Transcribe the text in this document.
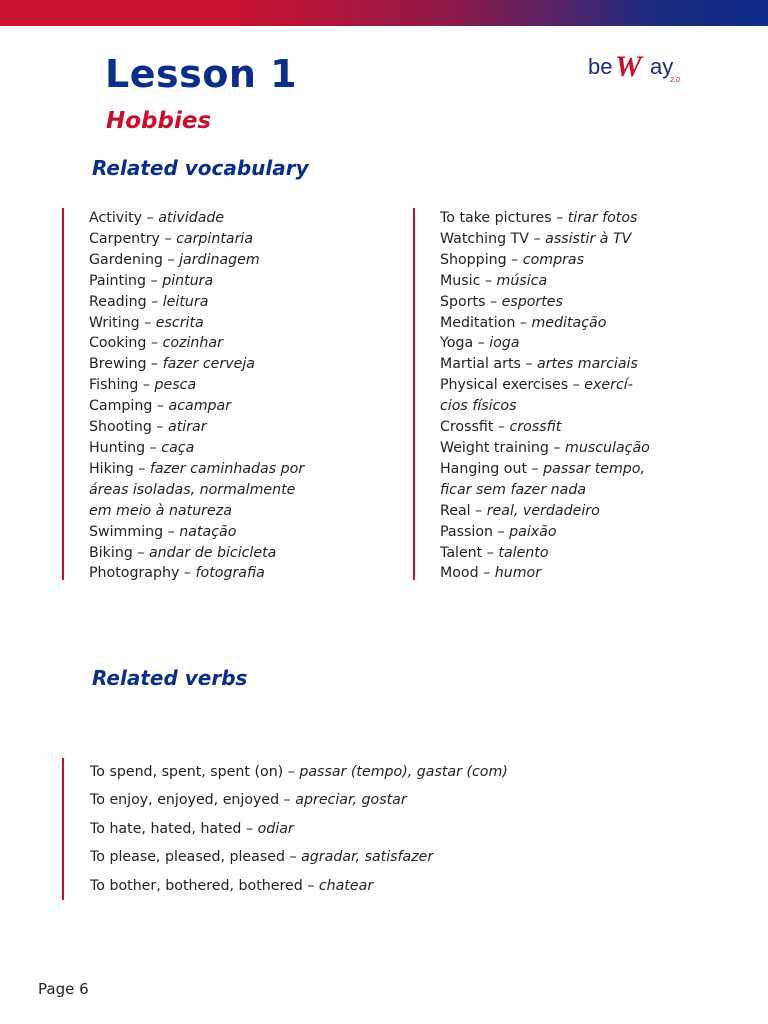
Lesson 1
Hobbies
be W ay
2.0
Related vocabulary
Activity – atividade
Carpentry – carpintaria
Gardening – jardinagem
Painting – pintura
Reading – leitura
Writing – escrita
Cooking – cozinhar
Brewing – fazer cerveja
Fishing – pesca
Camping – acampar
Shooting – atirar
Hunting – caça
Hiking – fazer caminhadas por
áreas isoladas, normalmente
em meio à natureza
Swimming – natação
Biking – andar de bicicleta
Photography – fotografia
To take pictures – tirar fotos
Watching TV – assistir à TV
Shopping – compras
Music – música
Sports – esportes
Meditation – meditação
Yoga – ioga
Martial arts – artes marciais
Physical exercises – exercí-
cios físicos
Crossfit – crossfit
Weight training – musculação
Hanging out – passar tempo,
ficar sem fazer nada
Real – real, verdadeiro
Passion – paixão
Talent – talento
Mood – humor
Related verbs
To spend, spent, spent (on) – passar (tempo), gastar (com)
To enjoy, enjoyed, enjoyed – apreciar, gostar
To hate, hated, hated – odiar
To please, pleased, pleased – agradar, satisfazer
To bother, bothered, bothered – chatear
Page 6
